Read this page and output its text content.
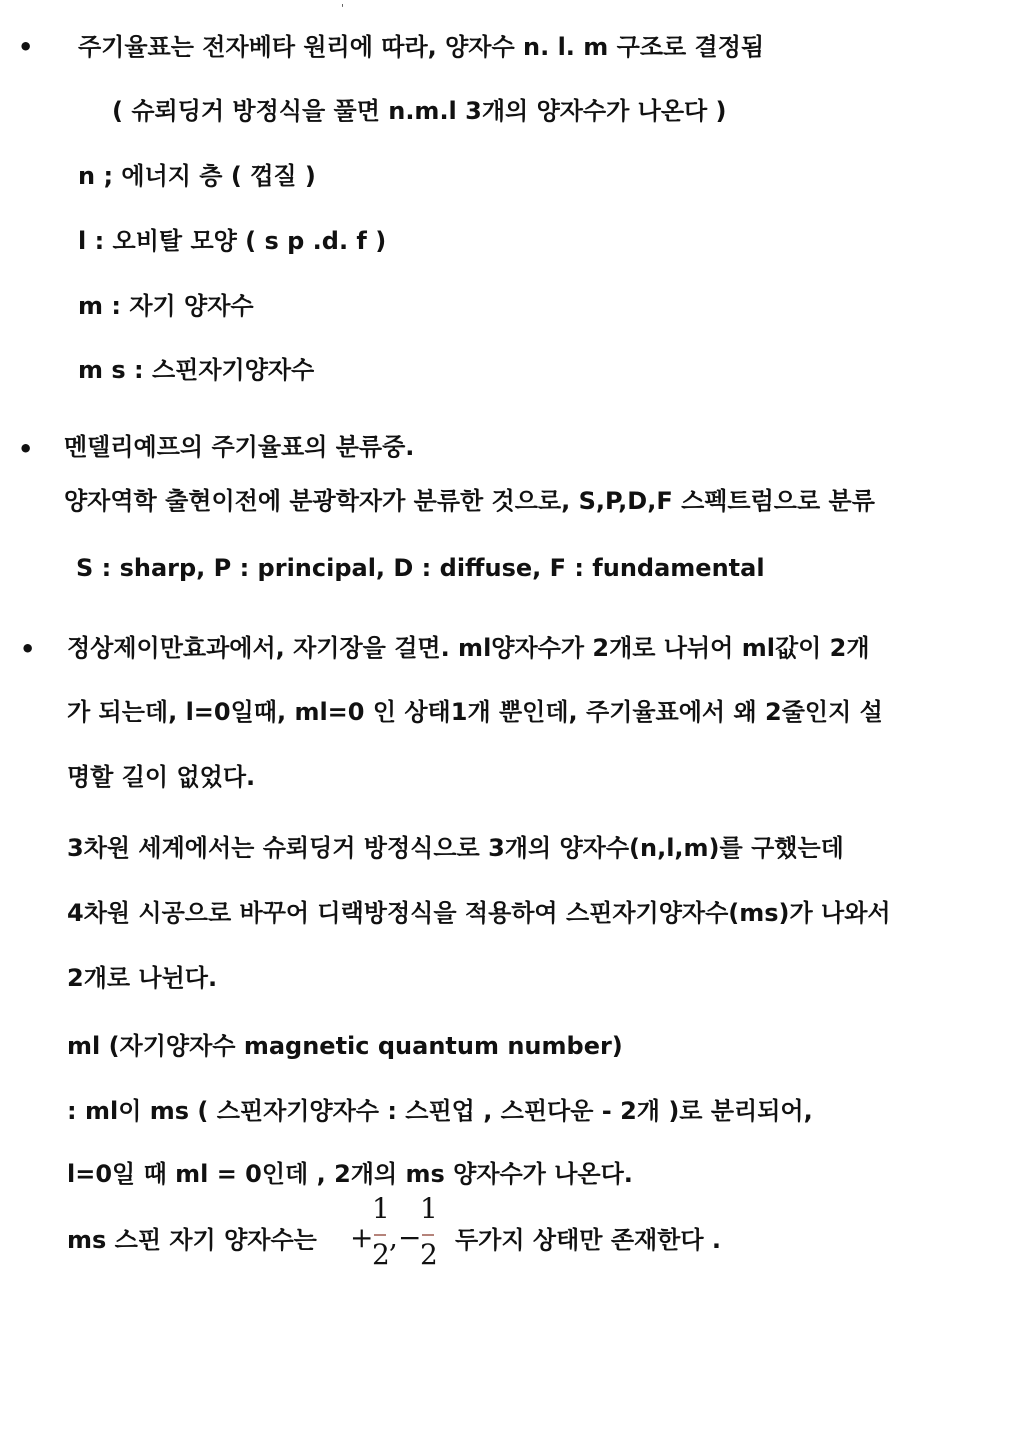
'
• 주기율표는 전자베타 원리에 따라, 양자수 n. l. m 구조로 결정됨
( 슈뢰딩거 방정식을 풀면 n.m.l 3개의 양자수가 나온다 )
n ; 에너지 층 ( 껍질 )
l : 오비탈 모양 ( s p .d. f )
m : 자기 양자수
m s : 스핀자기양자수
• 멘델리예프의 주기율표의 분류중.
양자역학 출현이전에 분광학자가 분류한 것으로, S,P,D,F 스펙트럼으로 분류
S : sharp, P : principal, D : diffuse, F : fundamental
• 정상제이만효과에서, 자기장을 걸면. ml양자수가 2개로 나뉘어 ml값이 2개
가 되는데, l=0일때, ml=0 인 상태1개 뿐인데, 주기율표에서 왜 2줄인지 설
명할 길이 없었다.
3차원 세계에서는 슈뢰딩거 방정식으로 3개의 양자수(n,l,m)를 구했는데
4차원 시공으로 바꾸어 디랙방정식을 적용하여 스핀자기양자수(ms)가 나와서
2개로 나뉜다.
ml (자기양자수 magnetic quantum number)
: ml이 ms ( 스핀자기양자수 : 스핀업 , 스핀다운 - 2개 )로 분리되어,
l=0일 때 ml = 0인데 , 2개의 ms 양자수가 나온다.
ms 스핀 자기 양자수는 +
1
2
, −
1
2 두가지 상태만 존재한다 .
